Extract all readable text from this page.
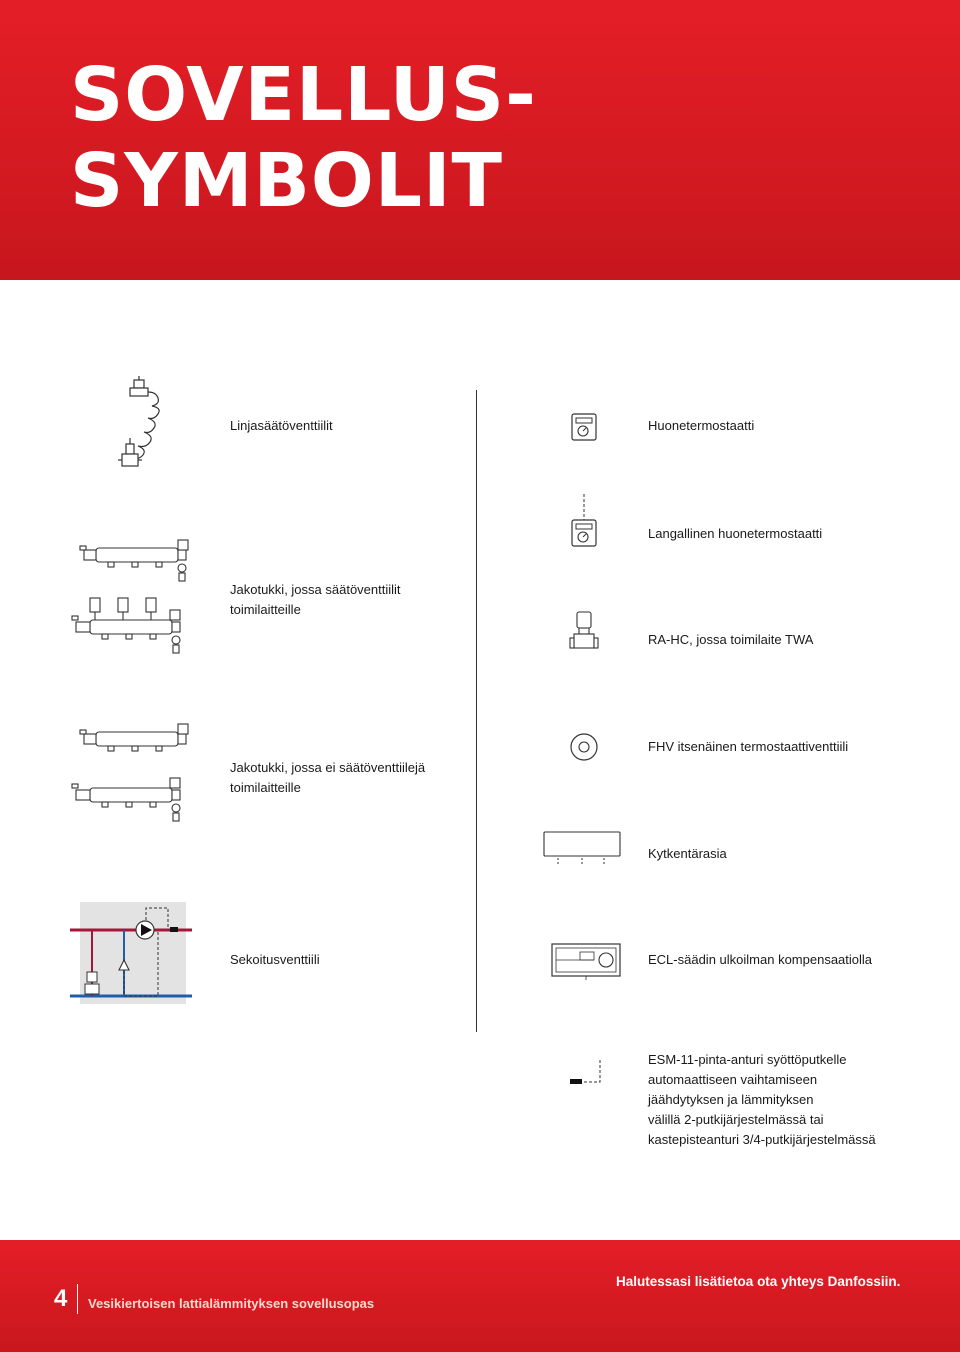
SOVELLUS-
SYMBOLIT
Linjasäätöventtiilit
Jakotukki, jossa säätöventtiilit
toimilaitteille
Jakotukki, jossa ei säätöventtiilejä
toimilaitteille
Sekoitusventtiili
Huonetermostaatti
Langallinen huonetermostaatti
RA-HC, jossa toimilaite TWA
FHV itsenäinen termostaattiventtiili
Kytkentärasia
ECL-säädin ulkoilman kompensaatiolla
ESM-11-pinta-anturi syöttöputkelle
automaattiseen vaihtamiseen
jäähdytyksen ja lämmityksen
välillä 2-putkijärjestelmässä tai
kastepisteanturi 3/4-putkijärjestelmässä
4 Vesikiertoisen lattialämmityksen sovellusopas
Halutessasi lisätietoa ota yhteys Danfossiin.
